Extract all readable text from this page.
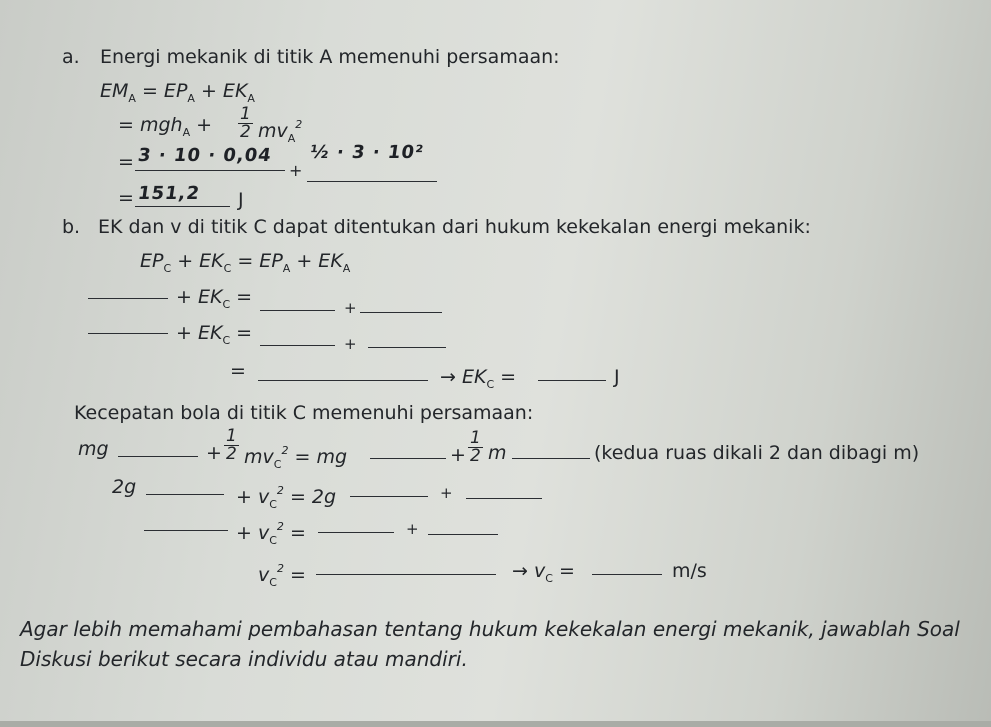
a. Energi mekanik di titik A memenuhi persamaan:
$EM_A = EP_A + EK_A$
= $mgh_A + \frac{1}{2} mv_A^2$
= 3 · 10 · 0,04
+
½ · 3 · 10²
= 151,2 J
b. EK dan v di titik C dapat ditentukan dari hukum kekekalan energi mekanik:
$EP_C + EK_C = EP_A + EK_A$
+ $EK_C$ =	+
+ $EK_C$ =	+
=	→ $EK_C$ =	J
Kecepatan bola di titik C memenuhi persamaan:
mg	+ $\frac{1}{2} mv_C^2$ = mg	+ $\frac{1}{2}$ m	(kedua ruas dikali 2 dan dibagi m)
2g	+ $v_C^2 = 2g$	+
+ $v_C^2$ =	+
$v_C^2$ =	→ $v_C$ =	m/s
Agar lebih memahami pembahasan tentang hukum kekekalan energi mekanik, jawablah Soal Diskusi berikut secara individu atau mandiri.
